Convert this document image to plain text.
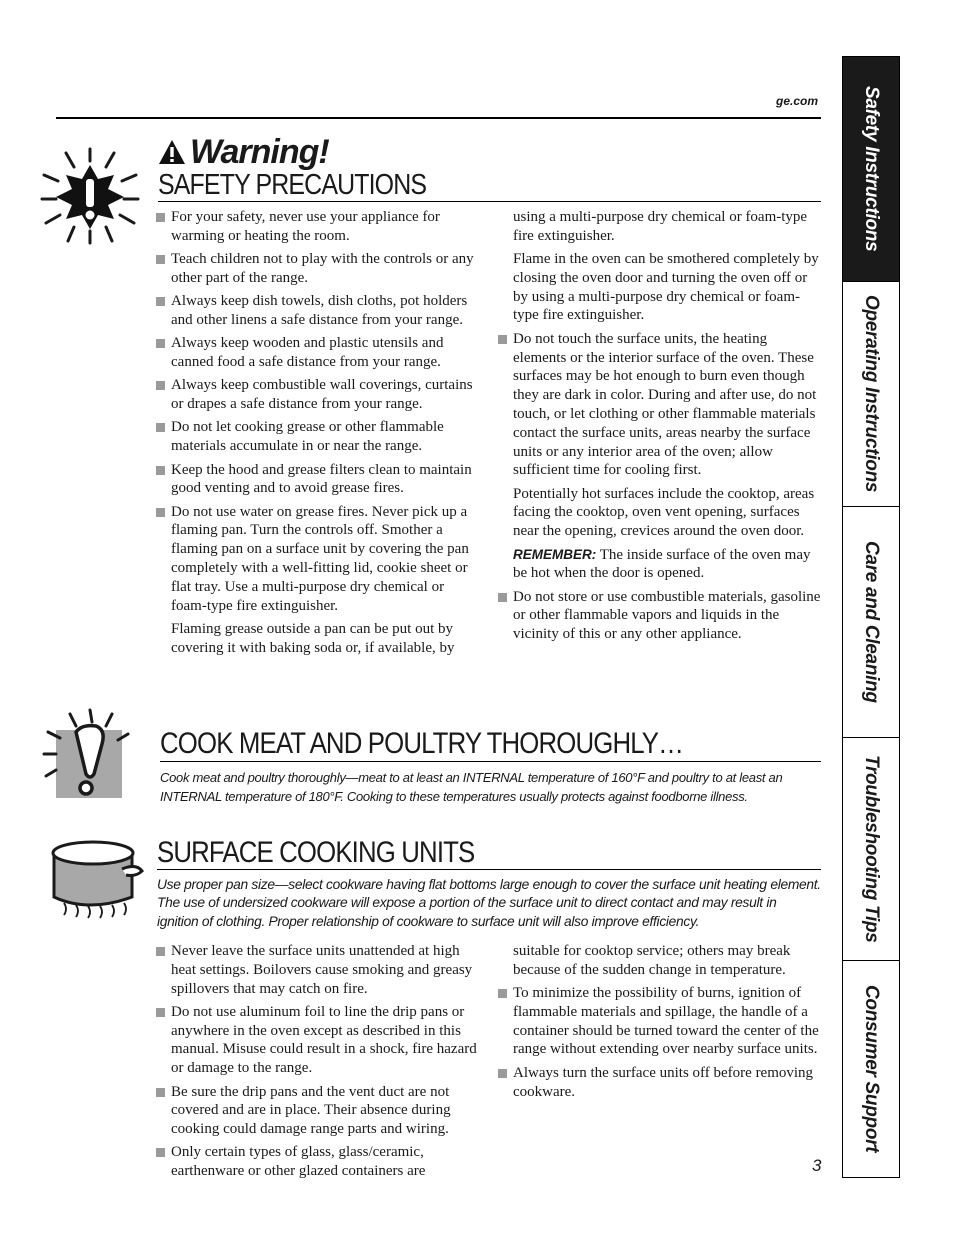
ge.com
Warning!
SAFETY PRECAUTIONS

For your safety, never use your appliance for warming or heating the room.

Teach children not to play with the controls or any other part of the range.

Always keep dish towels, dish cloths, pot holders and other linens a safe distance from your range.

Always keep wooden and plastic utensils and canned food a safe distance from your range.

Always keep combustible wall coverings, curtains or drapes a safe distance from your range.

Do not let cooking grease or other flammable materials accumulate in or near the range.

Keep the hood and grease filters clean to maintain good venting and to avoid grease fires.

Do not use water on grease fires. Never pick up a flaming pan. Turn the controls off. Smother a flaming pan on a surface unit by covering the pan completely with a well-fitting lid, cookie sheet or flat tray. Use a multi-purpose dry chemical or foam-type fire extinguisher.

Flaming grease outside a pan can be put out by covering it with baking soda or, if available, by

using a multi-purpose dry chemical or foam-type fire extinguisher.

Flame in the oven can be smothered completely by closing the oven door and turning the oven off or by using a multi-purpose dry chemical or foam-type fire extinguisher.

Do not touch the surface units, the heating elements or the interior surface of the oven. These surfaces may be hot enough to burn even though they are dark in color. During and after use, do not touch, or let clothing or other flammable materials contact the surface units, areas nearby the surface units or any interior area of the oven; allow sufficient time for cooling first.

Potentially hot surfaces include the cooktop, areas facing the cooktop, oven vent opening, surfaces near the opening, crevices around the oven door.

REMEMBER: The inside surface of the oven may be hot when the door is opened.

Do not store or use combustible materials, gasoline or other flammable vapors and liquids in the vicinity of this or any other appliance.

COOK MEAT AND POULTRY THOROUGHLY…
Cook meat and poultry thoroughly—meat to at least an INTERNAL temperature of 160°F and poultry to at least an INTERNAL temperature of 180°F. Cooking to these temperatures usually protects against foodborne illness.
SURFACE COOKING UNITS
Use proper pan size—select cookware having flat bottoms large enough to cover the surface unit heating element. The use of undersized cookware will expose a portion of the surface unit to direct contact and may result in ignition of clothing. Proper relationship of cookware to surface unit will also improve efficiency.

Never leave the surface units unattended at high heat settings. Boilovers cause smoking and greasy spillovers that may catch on fire.

Do not use aluminum foil to line the drip pans or anywhere in the oven except as described in this manual. Misuse could result in a shock, fire hazard or damage to the range.

Be sure the drip pans and the vent duct are not covered and are in place. Their absence during cooking could damage range parts and wiring.

Only certain types of glass, glass/ceramic, earthenware or other glazed containers are

suitable for cooktop service; others may break because of the sudden change in temperature.

To minimize the possibility of burns, ignition of flammable materials and spillage, the handle of a container should be turned toward the center of the range without extending over nearby surface units.

Always turn the surface units off before removing cookware.

Safety Instructions
Operating Instructions
Care and Cleaning
Troubleshooting Tips
Consumer Support
3
